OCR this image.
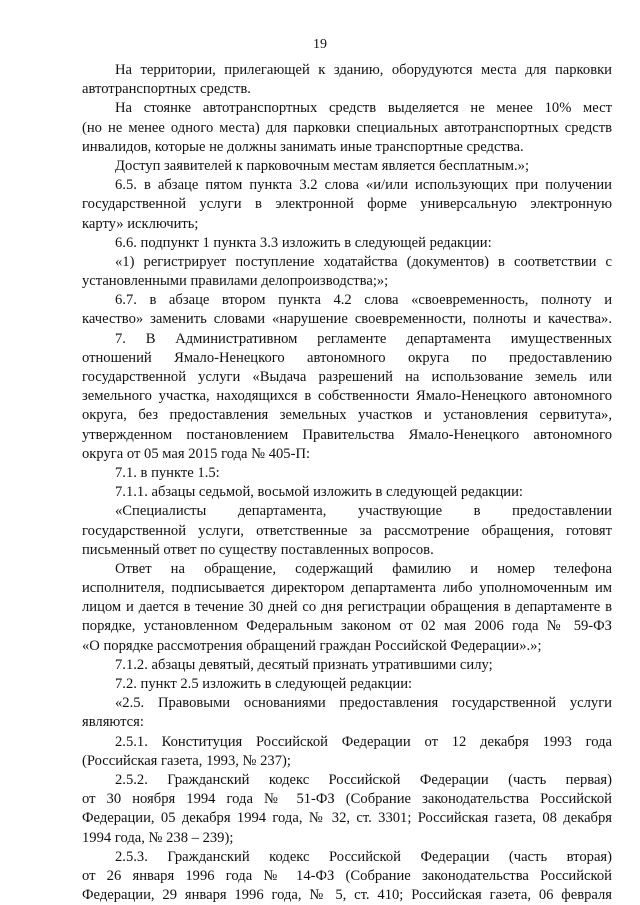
19
На территории, прилегающей к зданию, оборудуются места для парковки
автотранспортных средств.
На стоянке автотранспортных средств выделяется не менее 10% мест
(но не менее одного места) для парковки специальных автотранспортных средств
инвалидов, которые не должны занимать иные транспортные средства.
Доступ заявителей к парковочным местам является бесплатным.»;
6.5. в абзаце пятом пункта 3.2 слова «и/или использующих при получении
государственной услуги в электронной форме универсальную электронную
карту» исключить;
6.6. подпункт 1 пункта 3.3 изложить в следующей редакции:
«1) регистрирует поступление ходатайства (документов) в соответствии с
установленными правилами делопроизводства;»;
6.7. в абзаце втором пункта 4.2 слова «своевременность, полноту и
качество» заменить словами «нарушение своевременности, полноты и качества».
7. В Административном регламенте департамента имущественных
отношений Ямало-Ненецкого автономного округа по предоставлению
государственной услуги «Выдача разрешений на использование земель или
земельного участка, находящихся в собственности Ямало-Ненецкого автономного
округа, без предоставления земельных участков и установления сервитута»,
утвержденном постановлением Правительства Ямало-Ненецкого автономного
округа от 05 мая 2015 года № 405-П:
7.1. в пункте 1.5:
7.1.1. абзацы седьмой, восьмой изложить в следующей редакции:
«Специалисты департамента, участвующие в предоставлении
государственной услуги, ответственные за рассмотрение обращения, готовят
письменный ответ по существу поставленных вопросов.
Ответ на обращение, содержащий фамилию и номер телефона
исполнителя, подписывается директором департамента либо уполномоченным им
лицом и дается в течение 30 дней со дня регистрации обращения в департаменте в
порядке, установленном Федеральным законом от 02 мая 2006 года № 59-ФЗ
«О порядке рассмотрения обращений граждан Российской Федерации».»;
7.1.2. абзацы девятый, десятый признать утратившими силу;
7.2. пункт 2.5 изложить в следующей редакции:
«2.5. Правовыми основаниями предоставления государственной услуги
являются:
2.5.1. Конституция Российской Федерации от 12 декабря 1993 года
(Российская газета, 1993, № 237);
2.5.2. Гражданский кодекс Российской Федерации (часть первая)
от 30 ноября 1994 года № 51-ФЗ (Собрание законодательства Российской
Федерации, 05 декабря 1994 года, № 32, ст. 3301; Российская газета, 08 декабря
1994 года, № 238 – 239);
2.5.3. Гражданский кодекс Российской Федерации (часть вторая)
от 26 января 1996 года № 14-ФЗ (Собрание законодательства Российской
Федерации, 29 января 1996 года, № 5, ст. 410; Российская газета, 06 февраля
